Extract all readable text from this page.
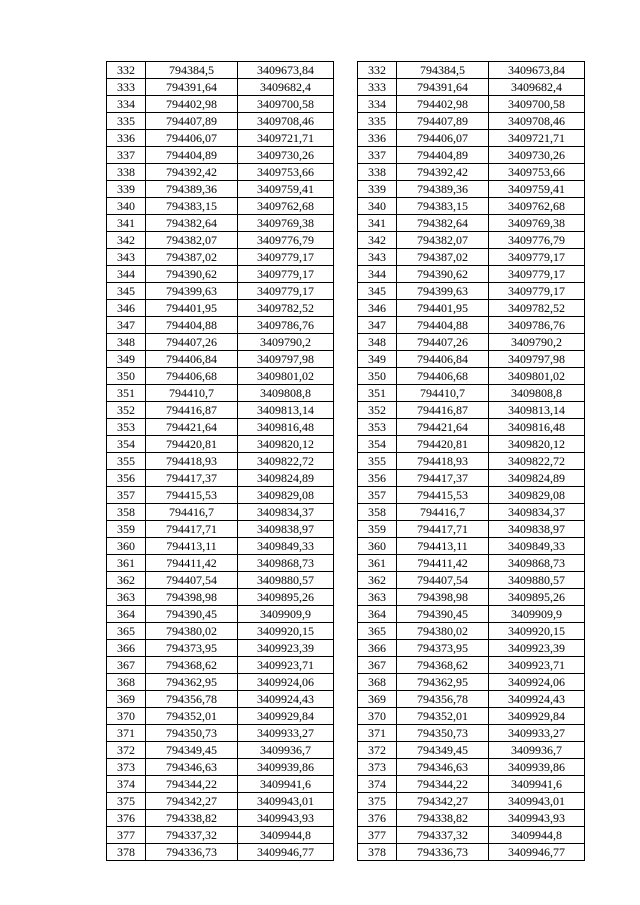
332	794384,5	3409673,84
333	794391,64	3409682,4
334	794402,98	3409700,58
335	794407,89	3409708,46
336	794406,07	3409721,71
337	794404,89	3409730,26
338	794392,42	3409753,66
339	794389,36	3409759,41
340	794383,15	3409762,68
341	794382,64	3409769,38
342	794382,07	3409776,79
343	794387,02	3409779,17
344	794390,62	3409779,17
345	794399,63	3409779,17
346	794401,95	3409782,52
347	794404,88	3409786,76
348	794407,26	3409790,2
349	794406,84	3409797,98
350	794406,68	3409801,02
351	794410,7	3409808,8
352	794416,87	3409813,14
353	794421,64	3409816,48
354	794420,81	3409820,12
355	794418,93	3409822,72
356	794417,37	3409824,89
357	794415,53	3409829,08
358	794416,7	3409834,37
359	794417,71	3409838,97
360	794413,11	3409849,33
361	794411,42	3409868,73
362	794407,54	3409880,57
363	794398,98	3409895,26
364	794390,45	3409909,9
365	794380,02	3409920,15
366	794373,95	3409923,39
367	794368,62	3409923,71
368	794362,95	3409924,06
369	794356,78	3409924,43
370	794352,01	3409929,84
371	794350,73	3409933,27
372	794349,45	3409936,7
373	794346,63	3409939,86
374	794344,22	3409941,6
375	794342,27	3409943,01
376	794338,82	3409943,93
377	794337,32	3409944,8
378	794336,73	3409946,77
332	794384,5	3409673,84
333	794391,64	3409682,4
334	794402,98	3409700,58
335	794407,89	3409708,46
336	794406,07	3409721,71
337	794404,89	3409730,26
338	794392,42	3409753,66
339	794389,36	3409759,41
340	794383,15	3409762,68
341	794382,64	3409769,38
342	794382,07	3409776,79
343	794387,02	3409779,17
344	794390,62	3409779,17
345	794399,63	3409779,17
346	794401,95	3409782,52
347	794404,88	3409786,76
348	794407,26	3409790,2
349	794406,84	3409797,98
350	794406,68	3409801,02
351	794410,7	3409808,8
352	794416,87	3409813,14
353	794421,64	3409816,48
354	794420,81	3409820,12
355	794418,93	3409822,72
356	794417,37	3409824,89
357	794415,53	3409829,08
358	794416,7	3409834,37
359	794417,71	3409838,97
360	794413,11	3409849,33
361	794411,42	3409868,73
362	794407,54	3409880,57
363	794398,98	3409895,26
364	794390,45	3409909,9
365	794380,02	3409920,15
366	794373,95	3409923,39
367	794368,62	3409923,71
368	794362,95	3409924,06
369	794356,78	3409924,43
370	794352,01	3409929,84
371	794350,73	3409933,27
372	794349,45	3409936,7
373	794346,63	3409939,86
374	794344,22	3409941,6
375	794342,27	3409943,01
376	794338,82	3409943,93
377	794337,32	3409944,8
378	794336,73	3409946,77
